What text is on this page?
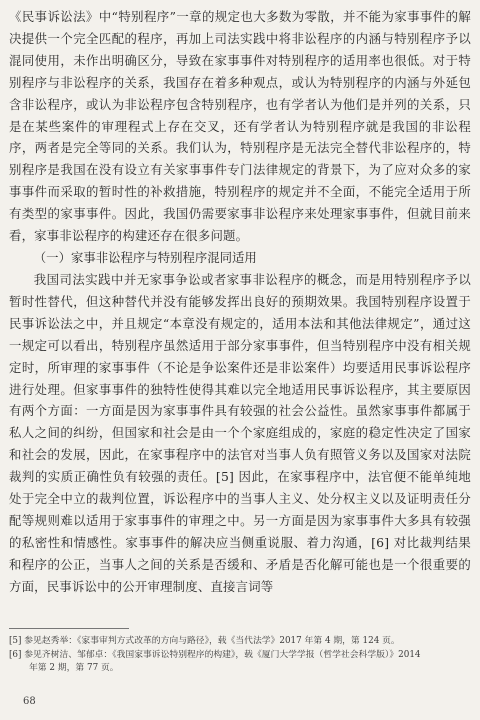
《民事诉讼法》中“特别程序”一章的规定也大多数为零散，并不能为家事事件的解决提供一个完全匹配的程序，再加上司法实践中将非讼程序的内涵与特别程序予以混同使用，未作出明确区分，导致在家事事件对特别程序的适用率也很低。对于特别程序与非讼程序的关系，我国存在着多种观点，或认为特别程序的内涵与外延包含非讼程序，或认为非讼程序包含特别程序，也有学者认为他们是并列的关系，只是在某些案件的审理程式上存在交叉，还有学者认为特别程序就是我国的非讼程序，两者是完全等同的关系。我们认为，特别程序是无法完全替代非讼程序的，特别程序是我国在没有设立有关家事事件专门法律规定的背景下，为了应对众多的家事事件而采取的暂时性的补救措施，特别程序的规定并不全面，不能完全适用于所有类型的家事事件。因此，我国仍需要家事非讼程序来处理家事事件，但就目前来看，家事非讼程序的构建还存在很多问题。

（一）家事非讼程序与特别程序混同适用

我国司法实践中并无家事争讼或者家事非讼程序的概念，而是用特别程序予以暂时性替代，但这种替代并没有能够发挥出良好的预期效果。我国特别程序设置于民事诉讼法之中，并且规定“本章没有规定的，适用本法和其他法律规定”，通过这一规定可以看出，特别程序虽然适用于部分家事事件，但当特别程序中没有相关规定时，所审理的家事事件（不论是争讼案件还是非讼案件）均要适用民事诉讼程序进行处理。但家事事件的独特性使得其难以完全地适用民事诉讼程序，其主要原因有两个方面：一方面是因为家事事件具有较强的社会公益性。虽然家事事件都属于私人之间的纠纷，但国家和社会是由一个个家庭组成的，家庭的稳定性决定了国家和社会的发展，因此，在家事程序中的法官对当事人负有照管义务以及国家对法院裁判的实质正确性负有较强的责任。[5] 因此，在家事程序中，法官便不能单纯地处于完全中立的裁判位置，诉讼程序中的当事人主义、处分权主义以及证明责任分配等规则难以适用于家事事件的审理之中。另一方面是因为家事事件大多具有较强的私密性和情感性。家事事件的解决应当侧重说服、着力沟通，[6] 对比裁判结果和程序的公正，当事人之间的关系是否缓和、矛盾是否化解可能也是一个很重要的方面，民事诉讼中的公开审理制度、直接言词等

[5] 参见赵秀举：《家事审判方式改革的方向与路径》，载《当代法学》2017 年第 4 期，第 124 页。

[6] 参见齐树洁、邹郁卓：《我国家事诉讼特别程序的构建》，载《厦门大学学报（哲学社会科学版）》2014

年第 2 期，第 77 页。

68
